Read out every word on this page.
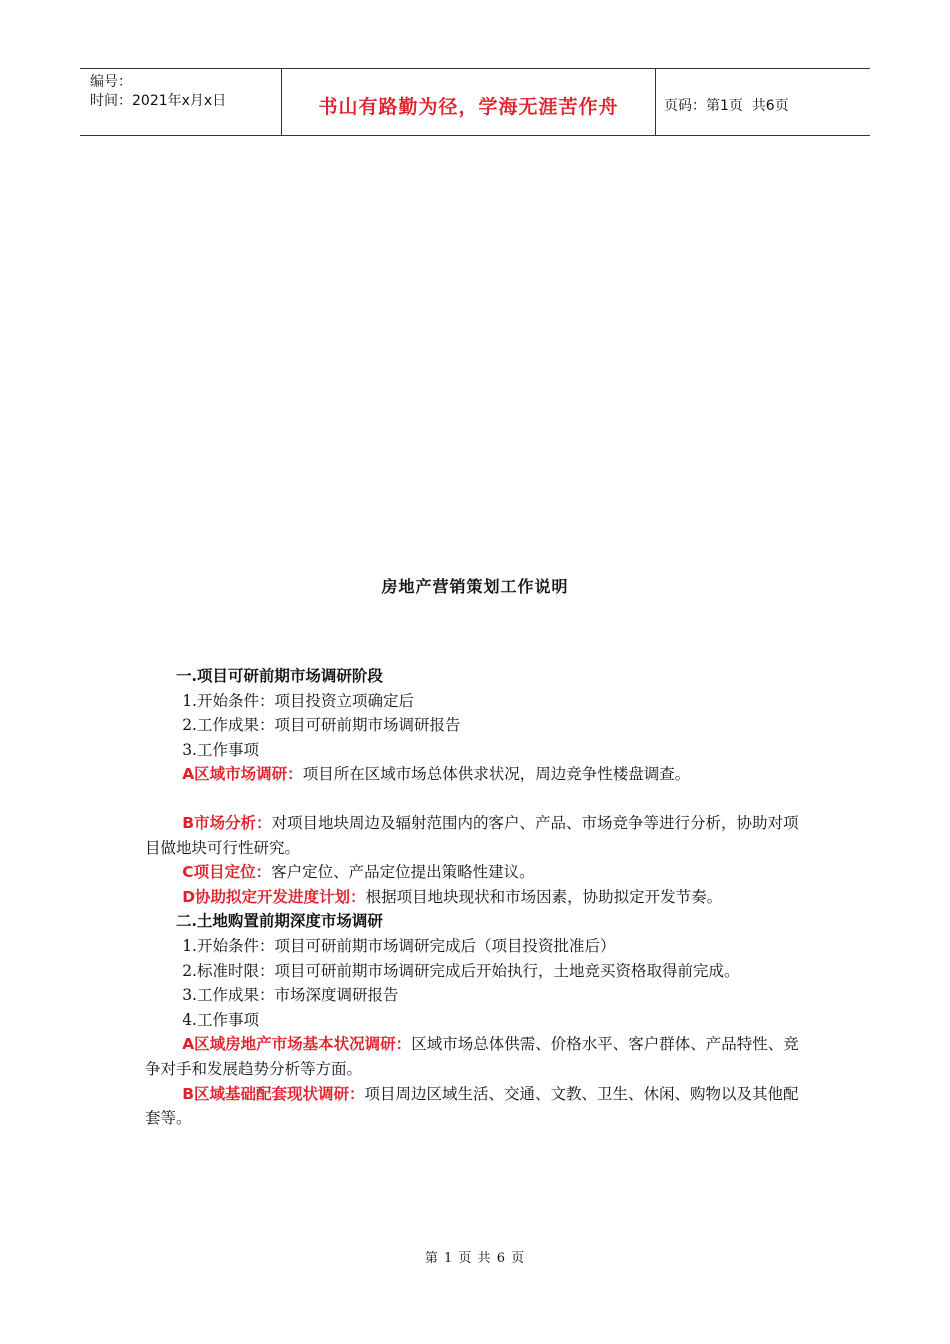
编号：
时间：2021年x月x日	书山有路勤为径，学海无涯苦作舟	页码：第1页  共6页
房地产营销策划工作说明

一.项目可研前期市场调研阶段

1.开始条件：项目投资立项确定后

2.工作成果：项目可研前期市场调研报告

3.工作事项

A区域市场调研：项目所在区域市场总体供求状况，周边竞争性楼盘调查。

B市场分析：对项目地块周边及辐射范围内的客户、产品、市场竞争等进行分析，协助对项目做地块可行性研究。

C项目定位：客户定位、产品定位提出策略性建议。

D协助拟定开发进度计划：根据项目地块现状和市场因素，协助拟定开发节奏。

二.土地购置前期深度市场调研

1.开始条件：项目可研前期市场调研完成后（项目投资批准后）

2.标准时限：项目可研前期市场调研完成后开始执行，土地竞买资格取得前完成。

3.工作成果：市场深度调研报告

4.工作事项

A区域房地产市场基本状况调研：区域市场总体供需、价格水平、客户群体、产品特性、竞争对手和发展趋势分析等方面。

B区域基础配套现状调研：项目周边区域生活、交通、文教、卫生、休闲、购物以及其他配套等。

第 1 页 共 6 页
